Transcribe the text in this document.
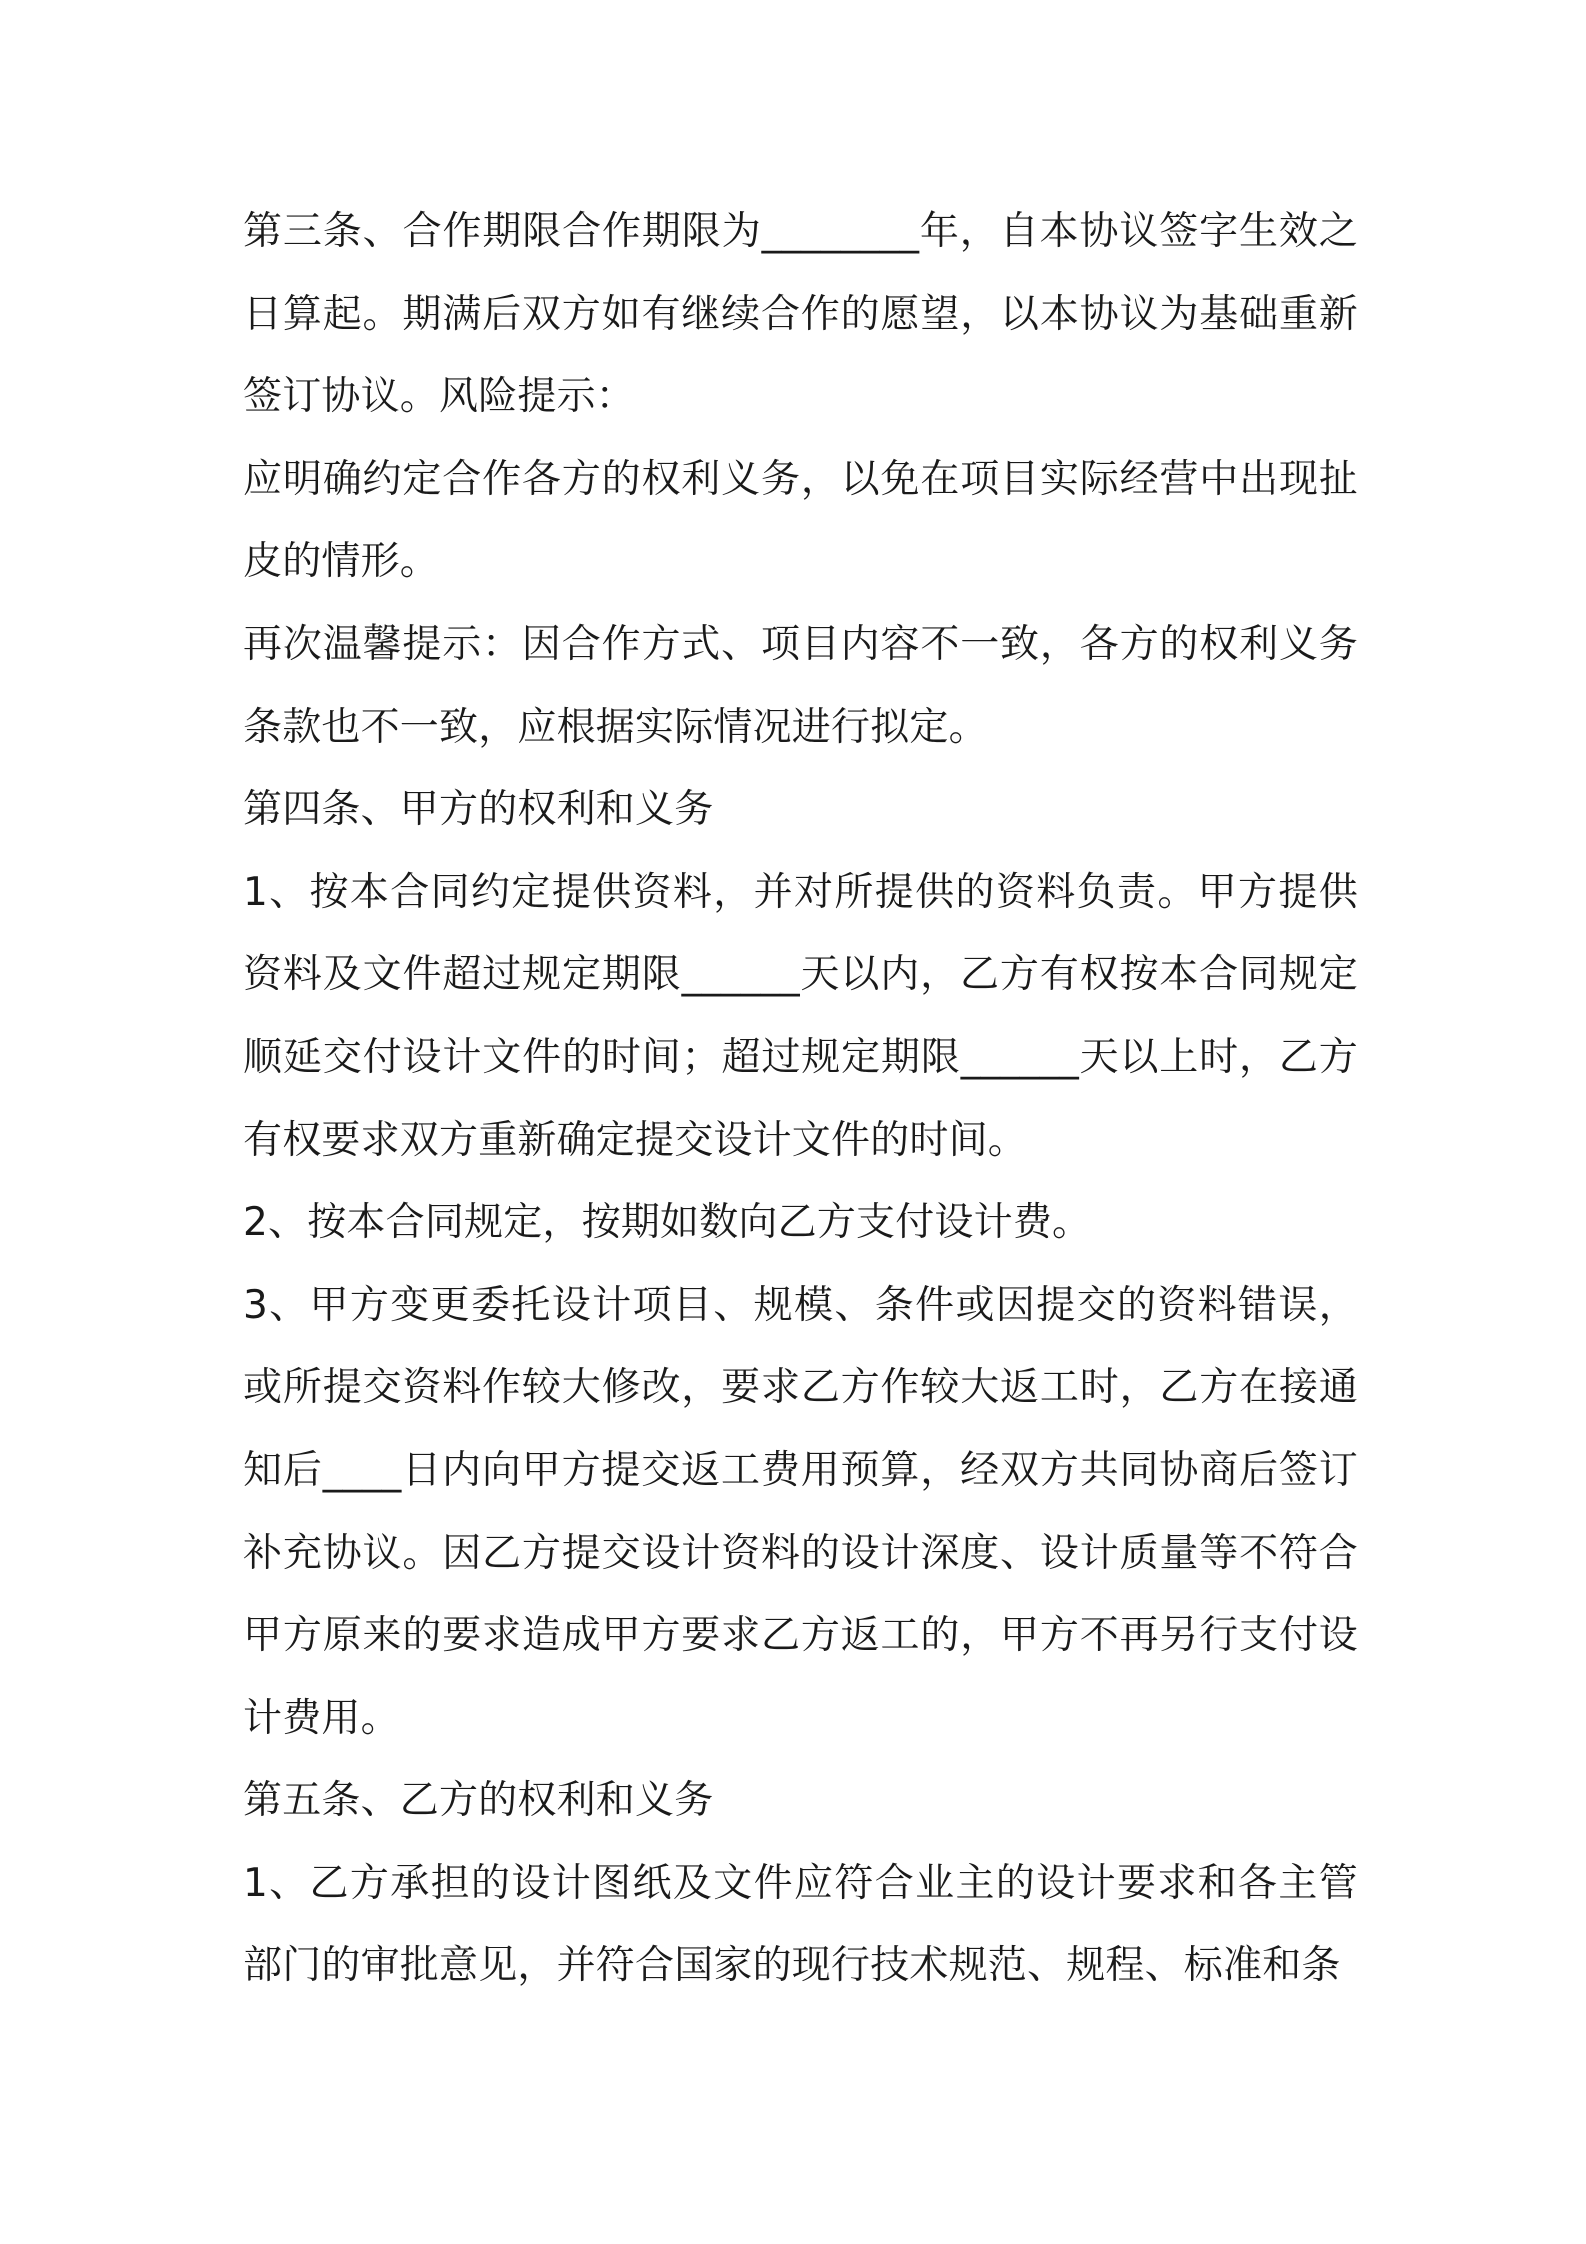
第三条、合作期限合作期限为________年，自本协议签字生效之日算起。期满后双方如有继续合作的愿望，以本协议为基础重新签订协议。风险提示：

应明确约定合作各方的权利义务，以免在项目实际经营中出现扯皮的情形。

再次温馨提示：因合作方式、项目内容不一致，各方的权利义务条款也不一致，应根据实际情况进行拟定。

第四条、甲方的权利和义务

1、按本合同约定提供资料，并对所提供的资料负责。甲方提供资料及文件超过规定期限______天以内，乙方有权按本合同规定顺延交付设计文件的时间；超过规定期限______天以上时，乙方有权要求双方重新确定提交设计文件的时间。

2、按本合同规定，按期如数向乙方支付设计费。

3、甲方变更委托设计项目、规模、条件或因提交的资料错误，或所提交资料作较大修改，要求乙方作较大返工时，乙方在接通知后____日内向甲方提交返工费用预算，经双方共同协商后签订补充协议。因乙方提交设计资料的设计深度、设计质量等不符合甲方原来的要求造成甲方要求乙方返工的，甲方不再另行支付设计费用。

第五条、乙方的权利和义务

1、乙方承担的设计图纸及文件应符合业主的设计要求和各主管部门的审批意见，并符合国家的现行技术规范、规程、标准和条
